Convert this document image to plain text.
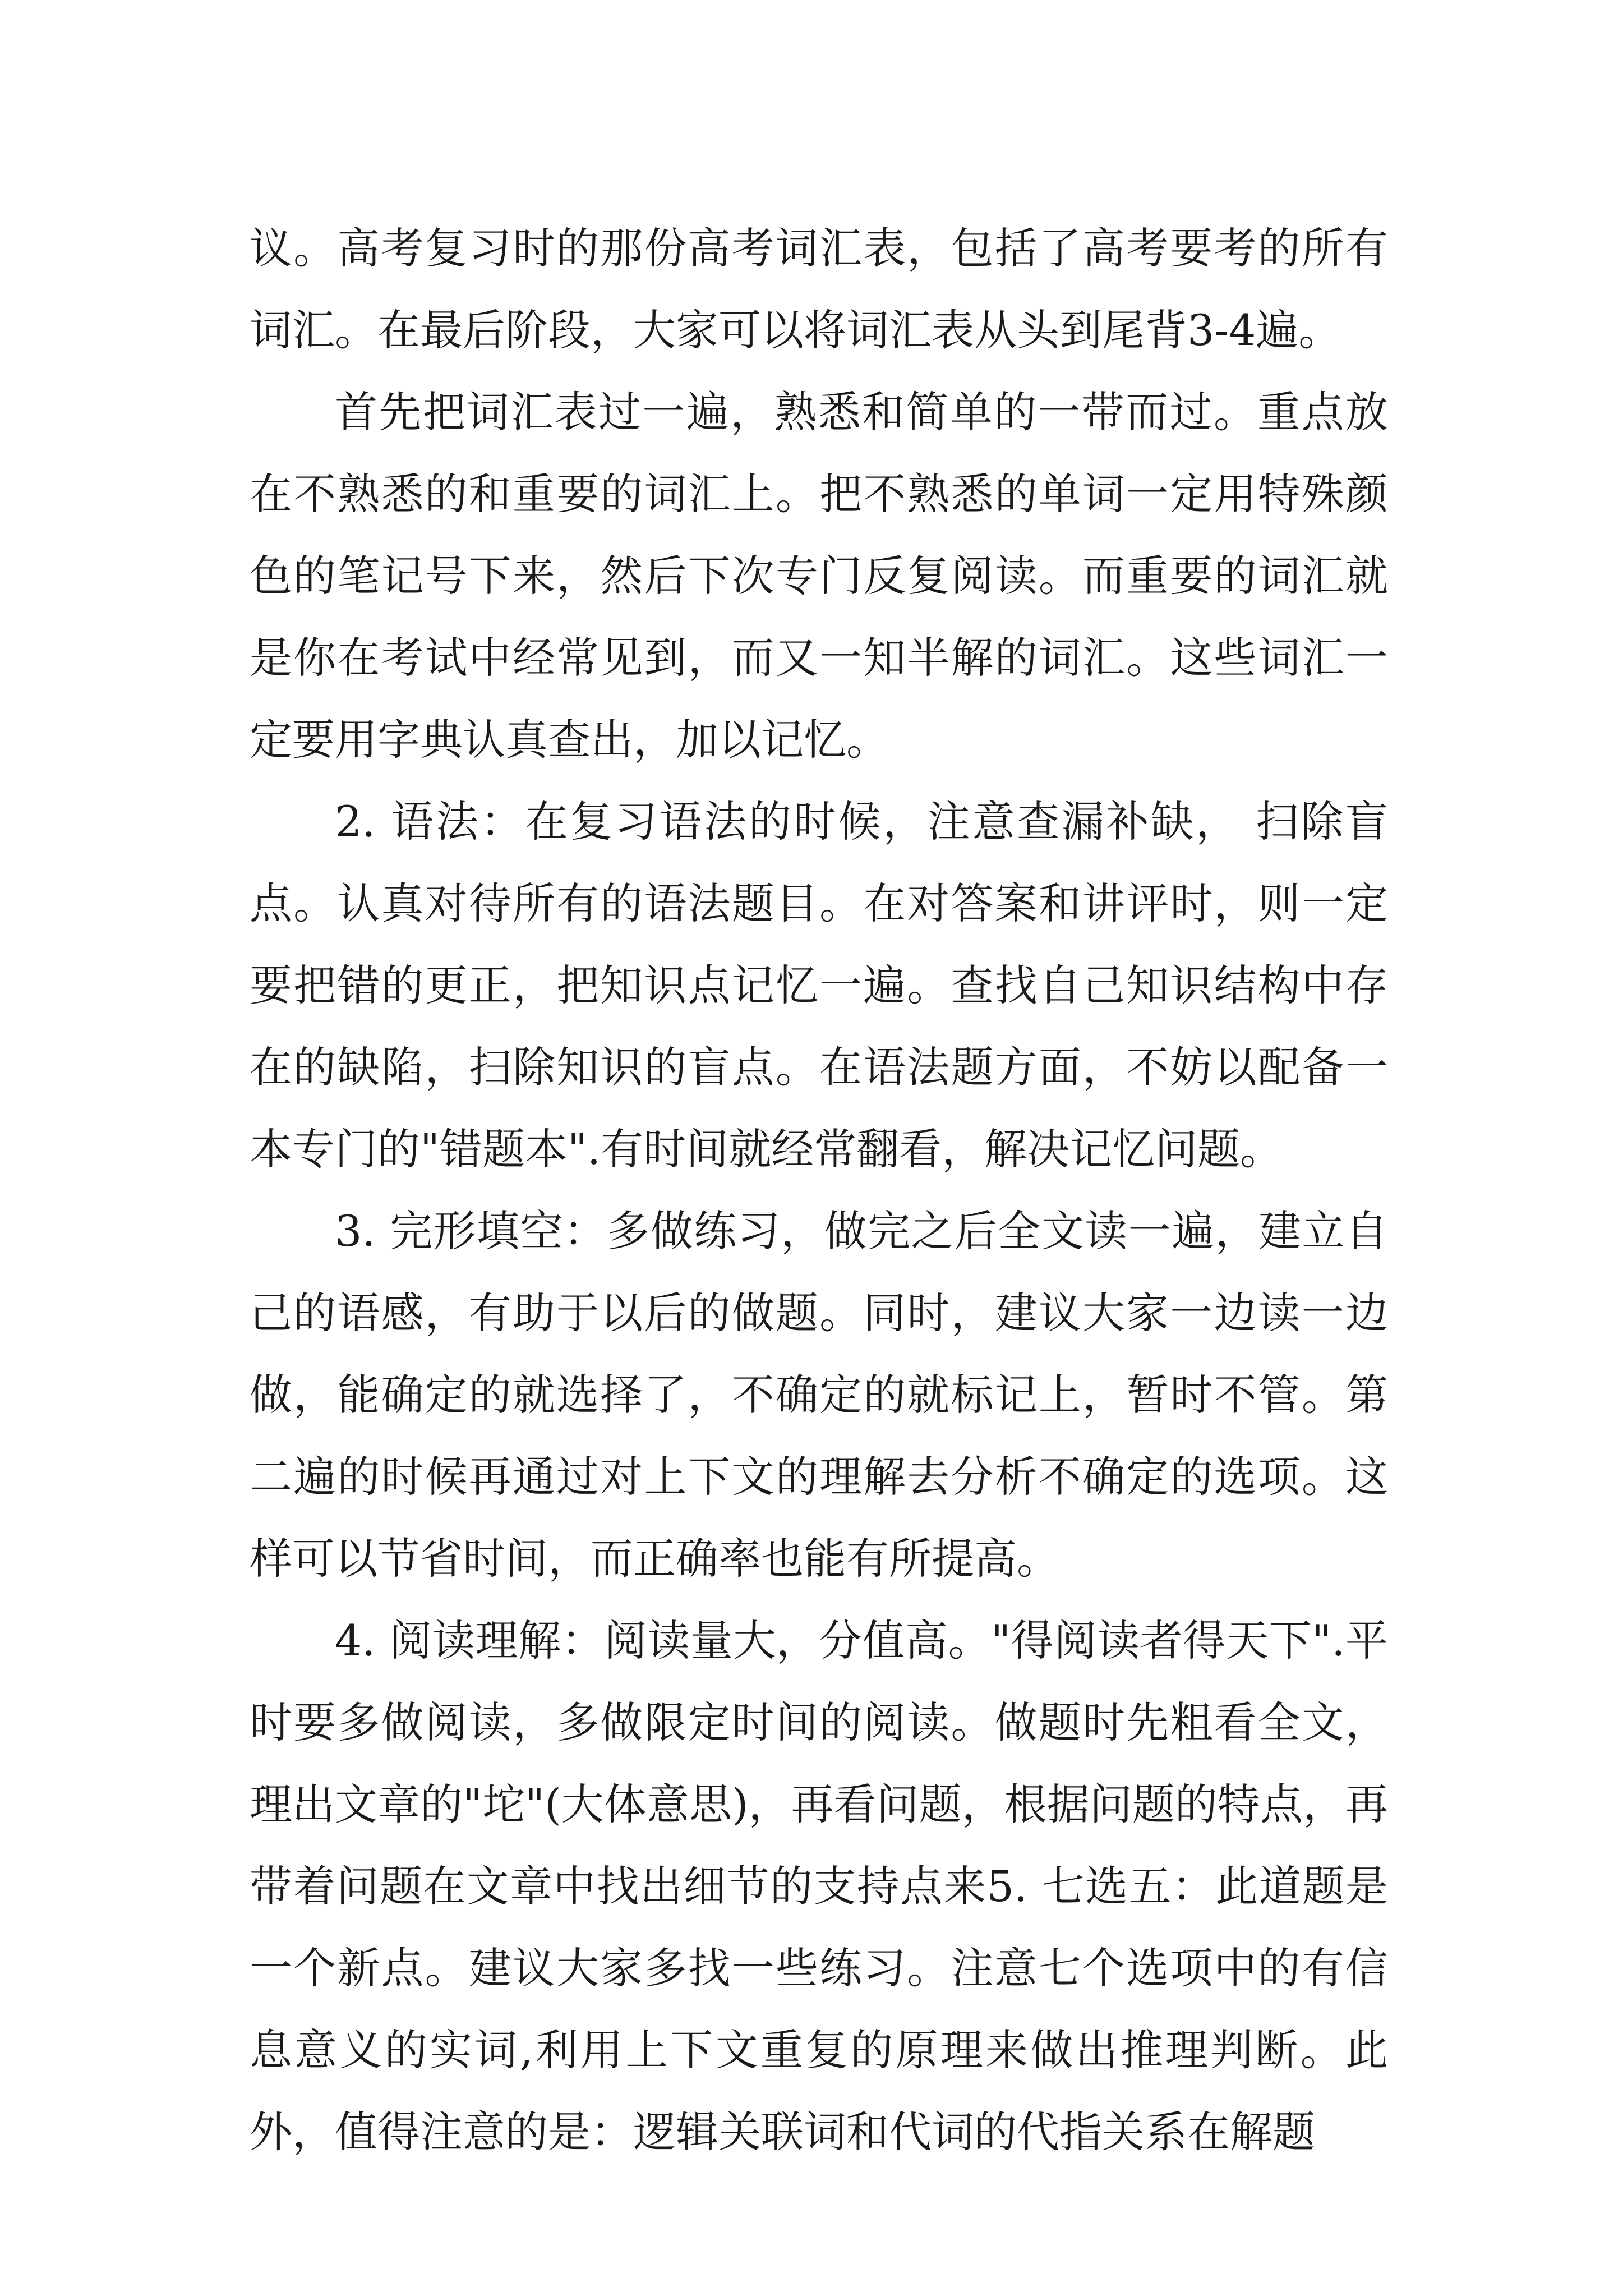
议。高考复习时的那份高考词汇表，包括了高考要考的所有词汇。在最后阶段，大家可以将词汇表从头到尾背3-4遍。

首先把词汇表过一遍，熟悉和简单的一带而过。重点放在不熟悉的和重要的词汇上。把不熟悉的单词一定用特殊颜色的笔记号下来，然后下次专门反复阅读。而重要的词汇就是你在考试中经常见到，而又一知半解的词汇。这些词汇一定要用字典认真查出，加以记忆。

2. 语法：在复习语法的时候，注意查漏补缺， 扫除盲点。认真对待所有的语法题目。在对答案和讲评时，则一定要把错的更正，把知识点记忆一遍。查找自己知识结构中存在的缺陷，扫除知识的盲点。在语法题方面，不妨以配备一本专门的"错题本".有时间就经常翻看，解决记忆问题。

3. 完形填空：多做练习，做完之后全文读一遍，建立自己的语感，有助于以后的做题。同时，建议大家一边读一边做，能确定的就选择了，不确定的就标记上，暂时不管。第二遍的时候再通过对上下文的理解去分析不确定的选项。这样可以节省时间，而正确率也能有所提高。

4. 阅读理解：阅读量大，分值高。"得阅读者得天下".平时要多做阅读，多做限定时间的阅读。做题时先粗看全文，理出文章的"坨"(大体意思)，再看问题，根据问题的特点，再带着问题在文章中找出细节的支持点来5. 七选五：此道题是一个新点。建议大家多找一些练习。注意七个选项中的有信息意义的实词,利用上下文重复的原理来做出推理判断。此外，值得注意的是：逻辑关联词和代词的代指关系在解题
